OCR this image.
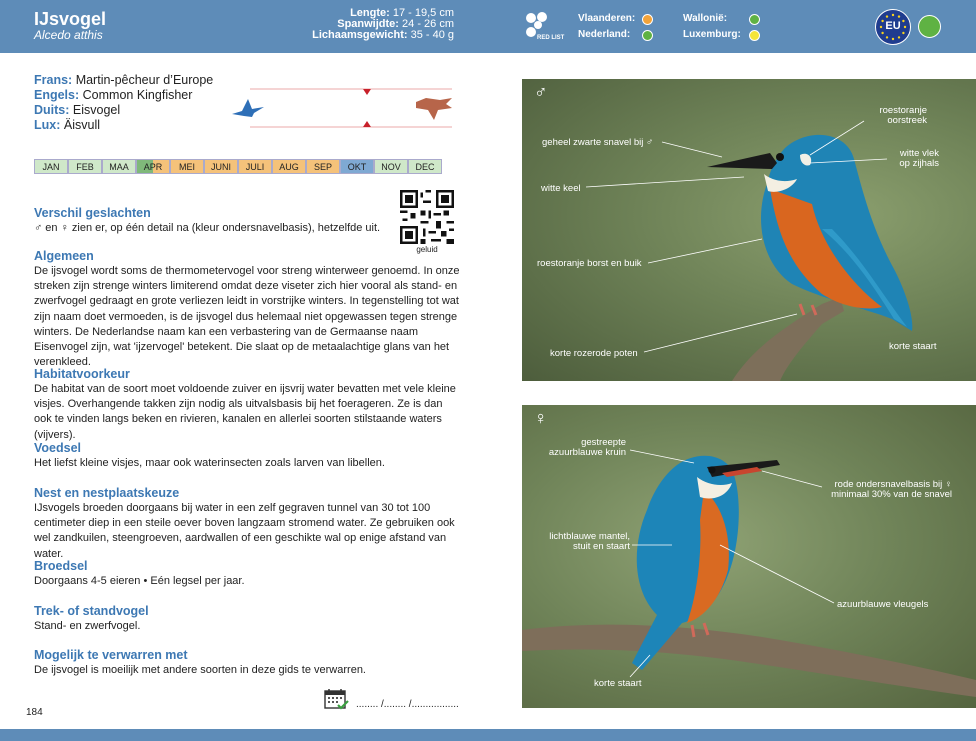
IJsvogel
Alcedo atthis
Lengte: 17 - 19,5 cm
Spanwijdte: 24 - 26 cm
Lichaamsgewicht: 35 - 40 g	RED LIST
Vlaanderen:
Nederland:
Wallonië:
Luxemburg:
EU
Frans: Martin-pêcheur d’Europe
Engels: Common Kingfisher
Duits: Eisvogel
Lux: Äisvull
JAN	FEB	MAA	APR	MEI	JUNI	JULI	AUG	SEP	OKT	NOV	DEC
geluid
Verschil geslachten

♂ en ♀ zien er, op één detail na (kleur ondersnavelbasis), hetzelfde uit.

Algemeen

De ijsvogel wordt soms de thermometervogel voor streng winterweer genoemd. In onze streken zijn strenge winters limiterend omdat deze viseter zich hier vooral als stand- en zwerfvogel gedraagt en grote verliezen leidt in vorstrijke winters. In tegenstelling tot wat zijn naam doet vermoeden, is de ijsvogel dus helemaal niet opgewassen tegen strenge winters. De Nederlandse naam kan een verbastering van de Germaanse naam Eisenvogel zijn, wat 'ijzervogel' betekent. Die slaat op de metaalachtige glans van het verenkleed.

Habitatvoorkeur

De habitat van de soort moet voldoende zuiver en ijsvrij water bevatten met vele kleine visjes. Overhangende takken zijn nodig als uitvalsbasis bij het foerageren. Ze is dan ook te vinden langs beken en rivieren, kanalen en allerlei soorten stilstaande waters (vijvers).

Voedsel

Het liefst kleine visjes, maar ook waterinsecten zoals larven van libellen.

Nest en nestplaatskeuze

IJsvogels broeden doorgaans bij water in een zelf gegraven tunnel van 30 tot 100 centimeter diep in een steile oever boven langzaam stromend water. Ze gebruiken ook wel zandkuilen, steengroeven, aardwallen of een geschikte wal op enige afstand van water.

Broedsel

Doorgaans 4-5 eieren • Eén legsel per jaar.

Trek- of standvogel

Stand- en zwerfvogel.

Mogelijk te verwarren met

De ijsvogel is moeilijk met andere soorten in deze gids te verwarren.

184
........ /........ /.................
♂
roestoranje oorstreek
geheel zwarte snavel bij ♂
witte vlek op zijhals
witte keel
roestoranje borst en buik
korte rozerode poten
korte staart
♀
gestreepte azuurblauwe kruin
rode ondersnavelbasis bij ♀ minimaal 30% van de snavel
lichtblauwe mantel, stuit en staart
azuurblauwe vleugels
korte staart
